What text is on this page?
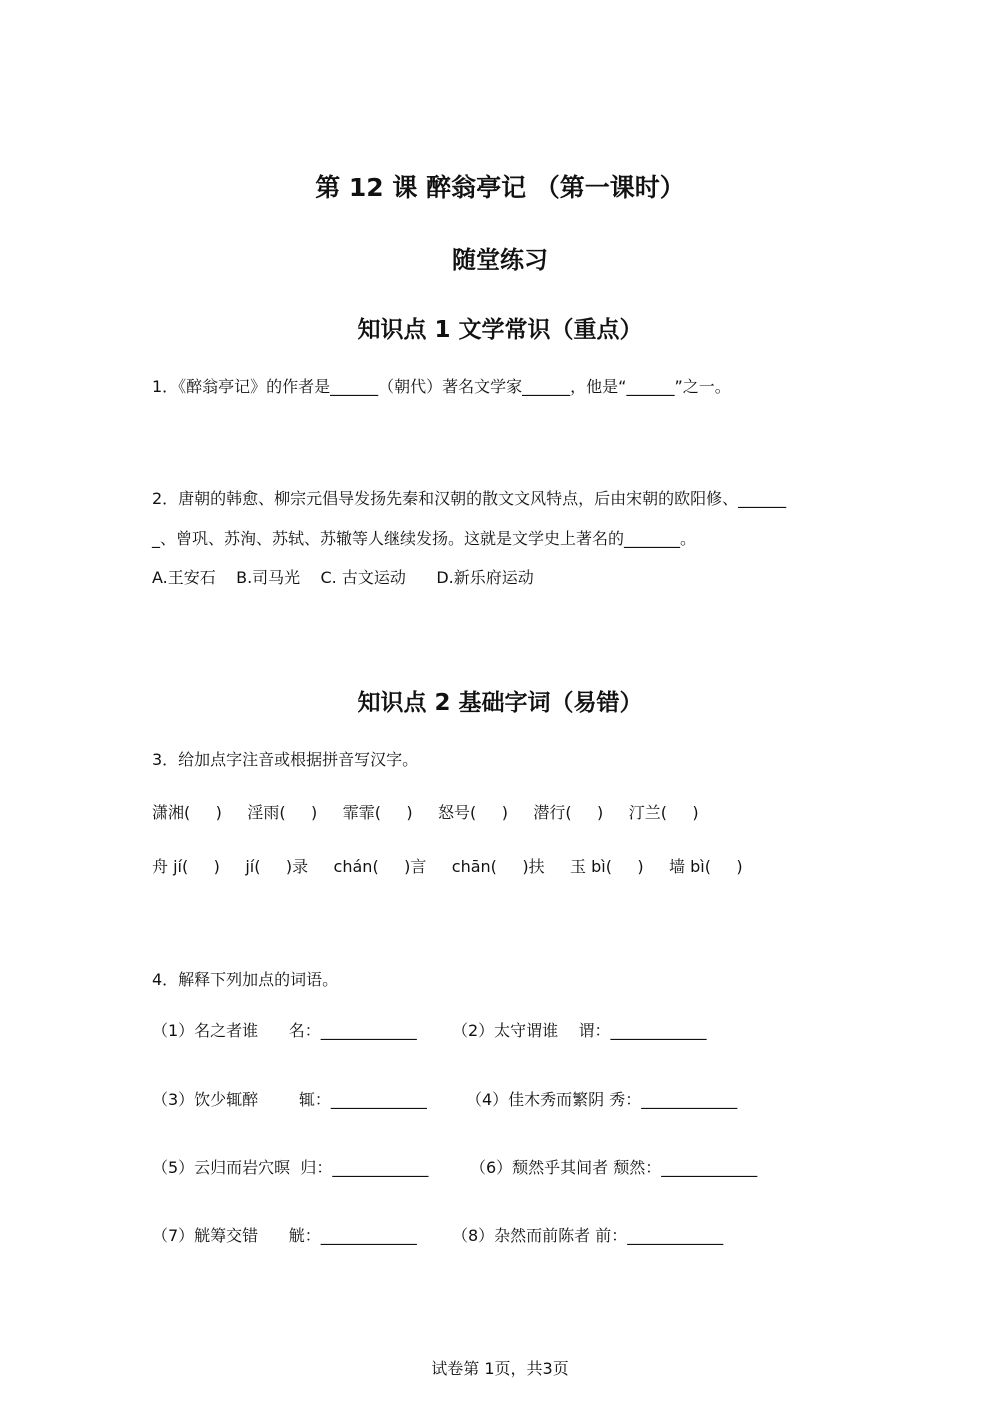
第 12 课 醉翁亭记 （第一课时）
随堂练习
知识点 1 文学常识（重点）
1．《醉翁亭记》的作者是______（朝代）著名文学家______，他是“______”之一。
2．唐朝的韩愈、柳宗元倡导发扬先秦和汉朝的散文文风特点，后由宋朝的欧阳修、______
_、曾巩、苏洵、苏轼、苏辙等人继续发扬。这就是文学史上著名的_______。
A.王安石    B.司马光    C. 古文运动      D.新乐府运动
知识点 2 基础字词（易错）
3．给加点字注音或根据拼音写汉字。
潇湘(     )     淫雨(     )     霏霏(     )     怒号(     )     潜行(     )     汀兰(     )
舟 jí(     )     jí(     )录     chán(     )言     chān(     )扶     玉 bì(     )     墙 bì(     )
4．解释下列加点的词语。
（1）名之者谁      名：____________ （2）太守谓谁    谓：____________
（3）饮少辄醉        辄：____________ （4）佳木秀而繁阴 秀：____________
（5）云归而岩穴暝  归：____________	（6）颓然乎其间者 颓然：____________
（7）觥筹交错      觥：____________ （8）杂然而前陈者 前：____________
试卷第 1页，共3页
